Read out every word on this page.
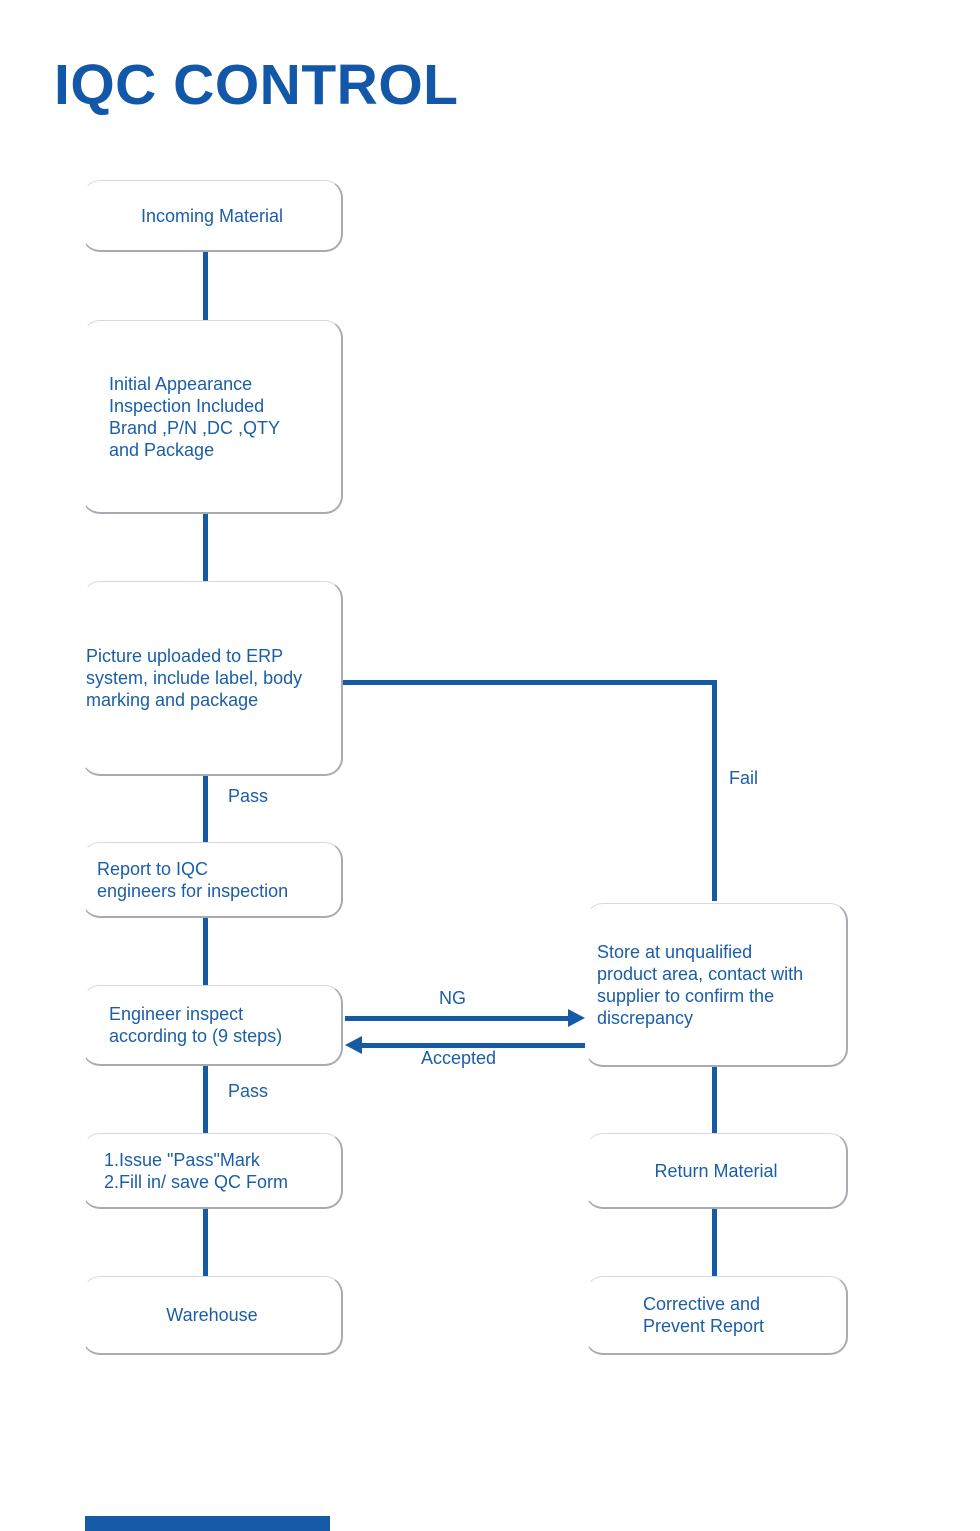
IQC CONTROL
Incoming Material
Initial Appearance
Inspection Included
Brand ,P/N ,DC ,QTY
and Package
Picture uploaded to ERP
system, include label, body
marking and package
Report to IQC
engineers for inspection
Engineer inspect
according to (9 steps)
1.Issue "Pass"Mark
2.Fill in/ save QC Form
Warehouse
Store at unqualified
product area, contact with
supplier to confirm the
discrepancy
Return Material
Corrective and
Prevent Report
Pass
Fail
NG
Accepted
Pass
